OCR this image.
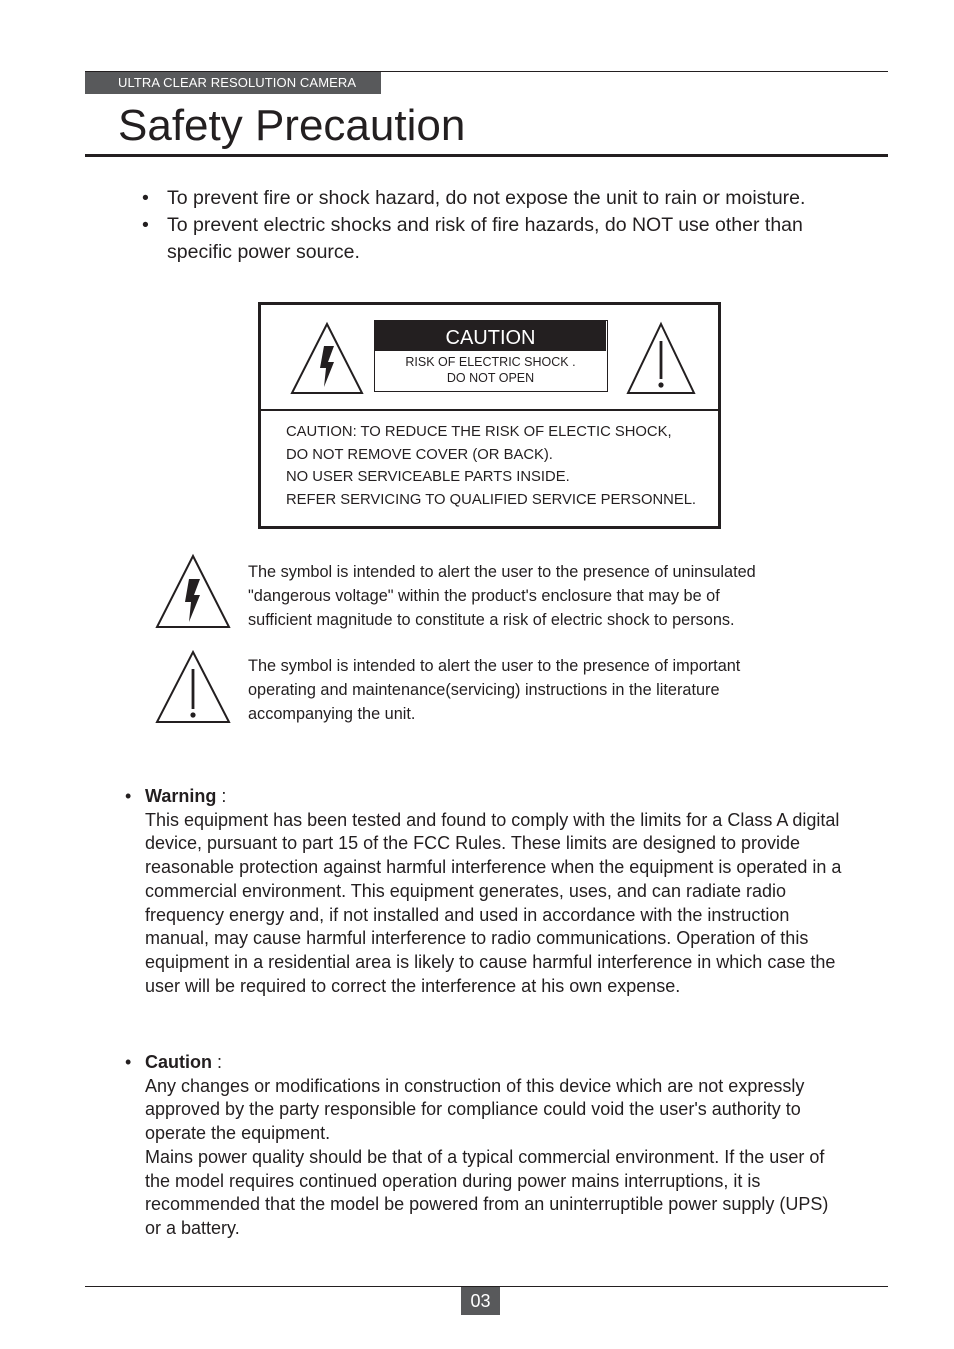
ULTRA CLEAR RESOLUTION CAMERA
Safety Precaution
• To prevent fire or shock hazard, do not expose the unit to rain or moisture.
• To prevent electric shocks and risk of fire hazards, do NOT use other than specific power source.
CAUTION
RISK OF ELECTRIC SHOCK .
DO NOT OPEN
CAUTION: TO REDUCE THE RISK OF ELECTIC SHOCK,
DO NOT REMOVE COVER (OR BACK).
NO USER SERVICEABLE PARTS INSIDE.
REFER SERVICING TO QUALIFIED SERVICE PERSONNEL.
The symbol is intended to alert the user to the presence of uninsulated
"dangerous voltage" within the product's enclosure that may be of
sufficient magnitude to constitute a risk of electric shock to persons.
The symbol is intended to alert the user to the presence of important
operating and maintenance(servicing) instructions in the literature
accompanying the unit.
• Warning :

This equipment has been tested and found to comply with the limits for a Class A digital device, pursuant to part 15 of the FCC Rules. These limits are designed to provide reasonable protection against harmful interference when the equipment is operated in a commercial environment. This equipment generates, uses, and can radiate radio frequency energy and, if not installed and used in accordance with the instruction manual, may cause harmful interference to radio communications. Operation of this equipment in a residential area is likely to cause harmful interference in which case the user will be required to correct the interference at his own expense.

• Caution :

Any changes or modifications in construction of this device which are not expressly approved by the party responsible for compliance could void the user's authority to operate the equipment.

Mains power quality should be that of a typical commercial environment. If the user of the model requires continued operation during power mains interruptions, it is recommended that the model be powered from an uninterruptible power supply (UPS) or a battery.

03
